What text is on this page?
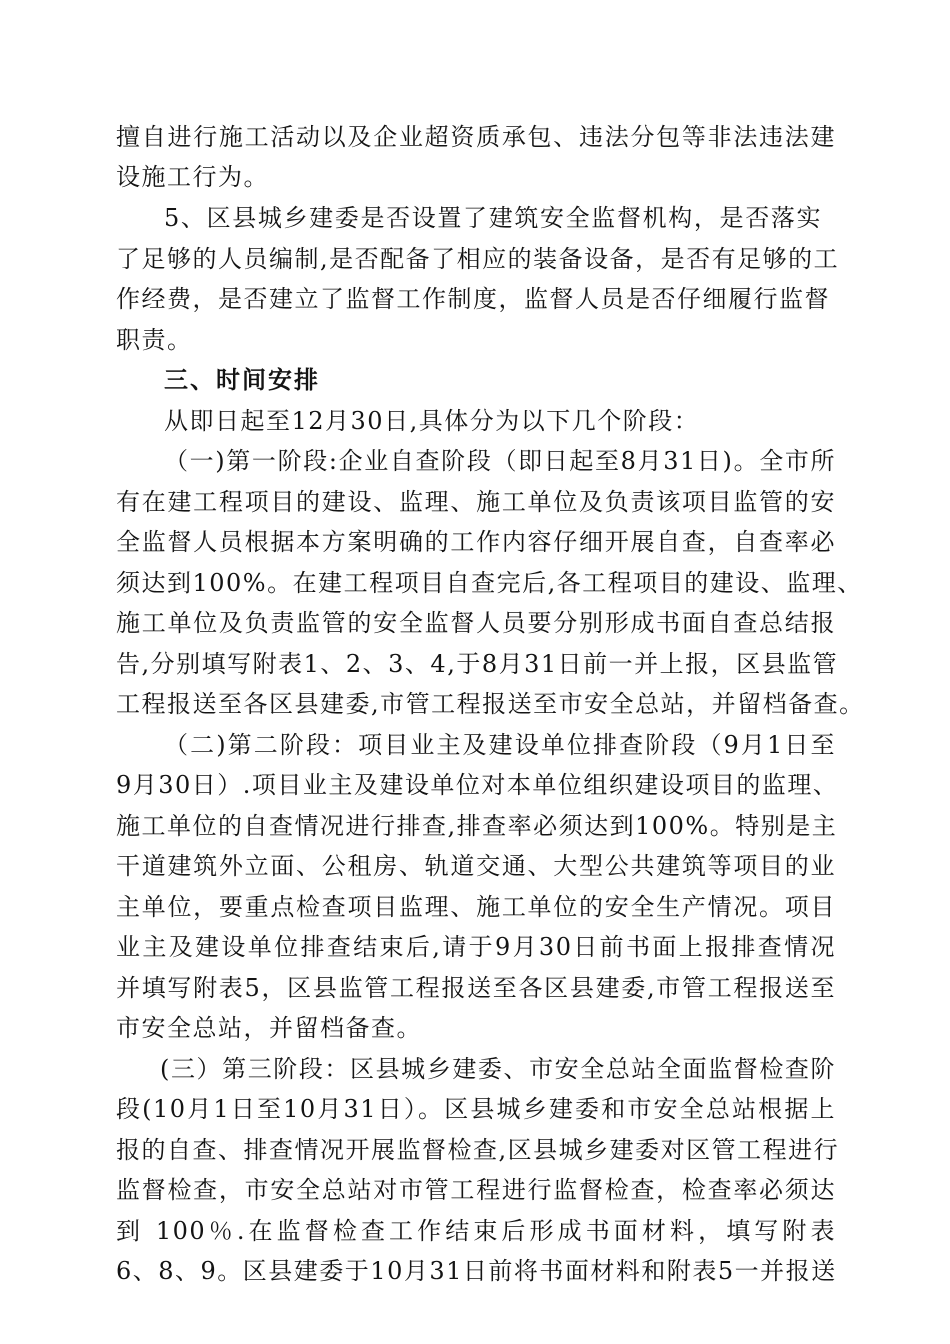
擅自进行施工活动以及企业超资质承包、违法分包等非法违法建
设施工行为。
5、区县城乡建委是否设置了建筑安全监督机构，是否落实
了足够的人员编制,是否配备了相应的装备设备，是否有足够的工
作经费，是否建立了监督工作制度，监督人员是否仔细履行监督
职责。
三、时间安排
从即日起至12月30日,具体分为以下几个阶段：
（一)第一阶段:企业自查阶段（即日起至8月31日)。全市所
有在建工程项目的建设、监理、施工单位及负责该项目监管的安
全监督人员根据本方案明确的工作内容仔细开展自查，自查率必
须达到100%。在建工程项目自查完后,各工程项目的建设、监理、
施工单位及负责监管的安全监督人员要分别形成书面自查总结报
告,分别填写附表1、2、3、4,于8月31日前一并上报，区县监管
工程报送至各区县建委,市管工程报送至市安全总站，并留档备查。
（二)第二阶段：项目业主及建设单位排查阶段（9月1日至
9月30日）.项目业主及建设单位对本单位组织建设项目的监理、
施工单位的自查情况进行排查,排查率必须达到100%。特别是主
干道建筑外立面、公租房、轨道交通、大型公共建筑等项目的业
主单位，要重点检查项目监理、施工单位的安全生产情况。项目
业主及建设单位排查结束后,请于9月30日前书面上报排查情况
并填写附表5，区县监管工程报送至各区县建委,市管工程报送至
市安全总站，并留档备查。
(三）第三阶段：区县城乡建委、市安全总站全面监督检查阶
段(10月1日至10月31日）。区县城乡建委和市安全总站根据上
报的自查、排查情况开展监督检查,区县城乡建委对区管工程进行
监督检查，市安全总站对市管工程进行监督检查，检查率必须达
到 100％.在监督检查工作结束后形成书面材料，填写附表
6、8、9。区县建委于10月31日前将书面材料和附表5一并报送
